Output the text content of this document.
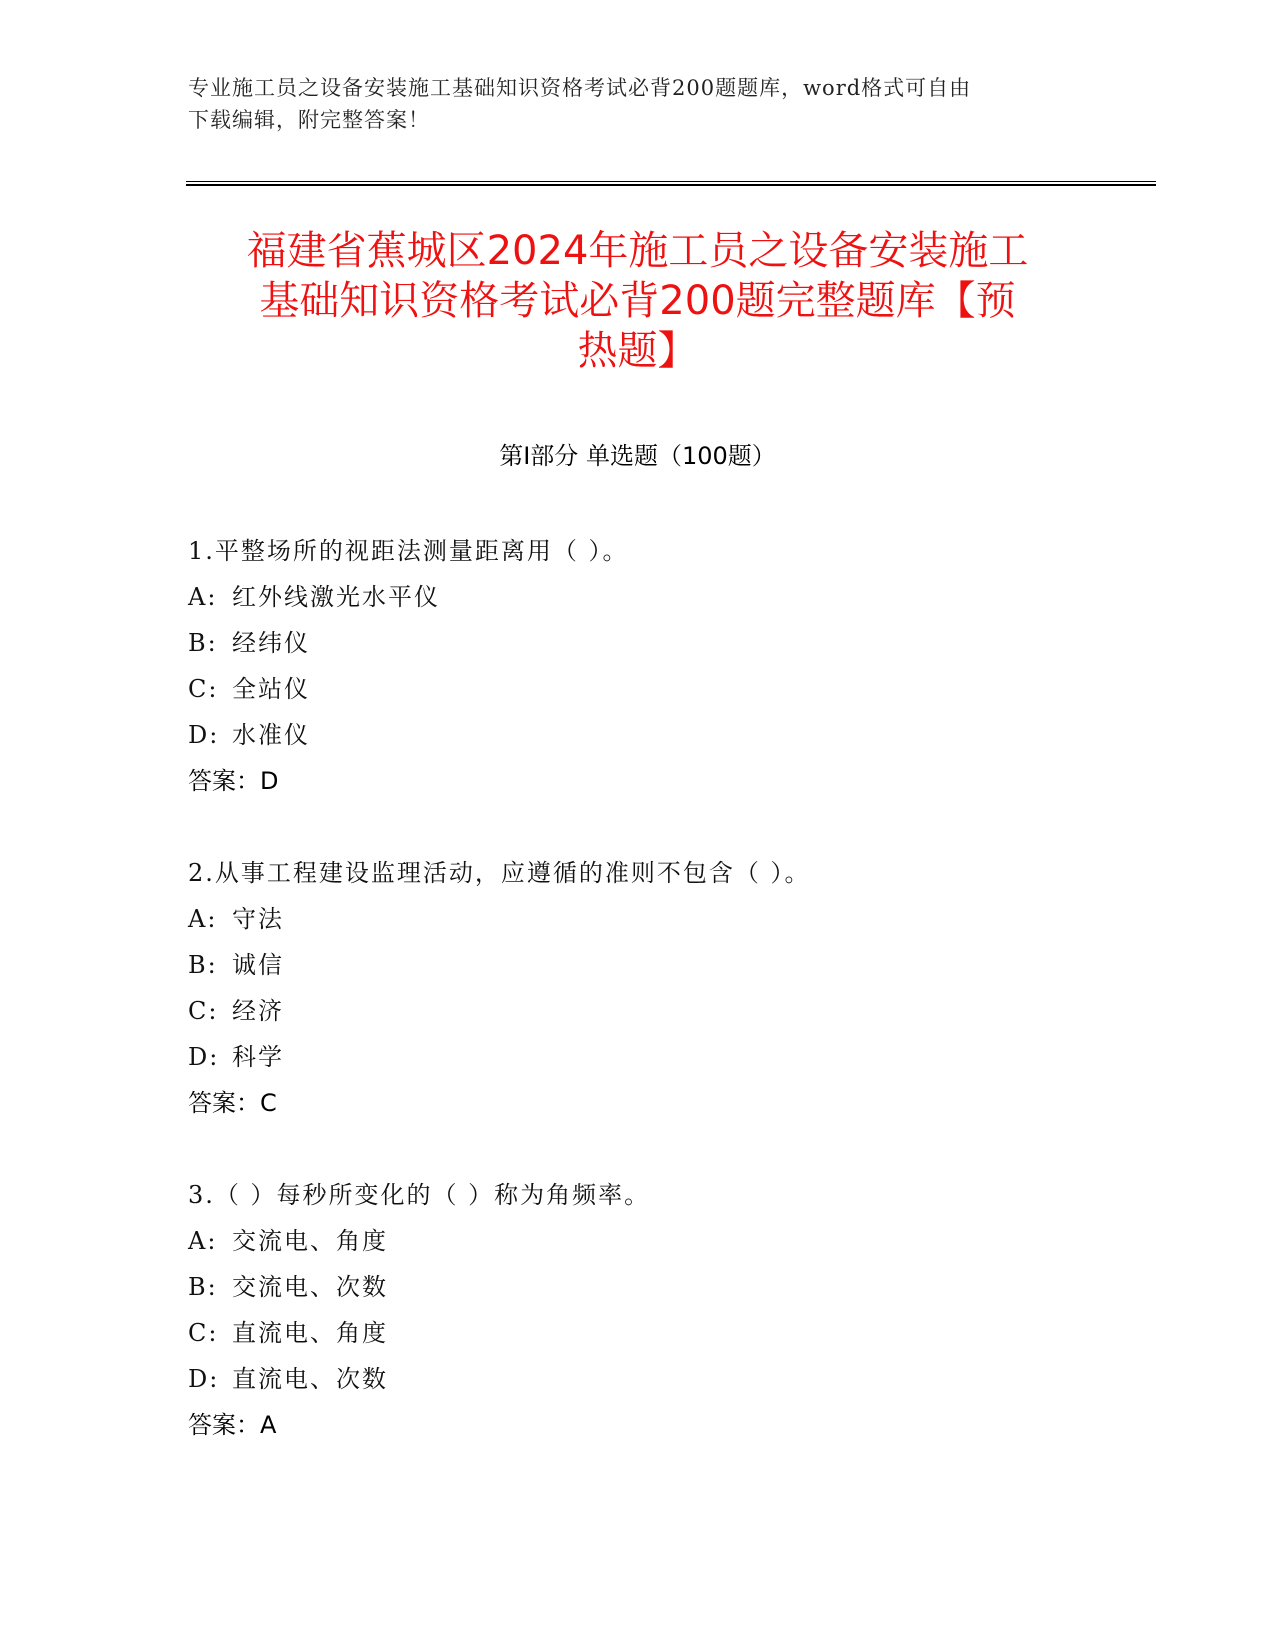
专业施工员之设备安装施工基础知识资格考试必背200题题库，word格式可自由
下载编辑，附完整答案！
福建省蕉城区2024年施工员之设备安装施工
基础知识资格考试必背200题完整题库【预
热题】
第I部分 单选题（100题）
1.平整场所的视距法测量距离用（ ）。
A: 红外线激光水平仪
B: 经纬仪
C: 全站仪
D: 水准仪
答案：D
2.从事工程建设监理活动，应遵循的准则不包含（ ）。
A: 守法
B: 诚信
C: 经济
D: 科学
答案：C
3.（ ）每秒所变化的（ ）称为角频率。
A: 交流电、角度
B: 交流电、次数
C: 直流电、角度
D: 直流电、次数
答案：A
